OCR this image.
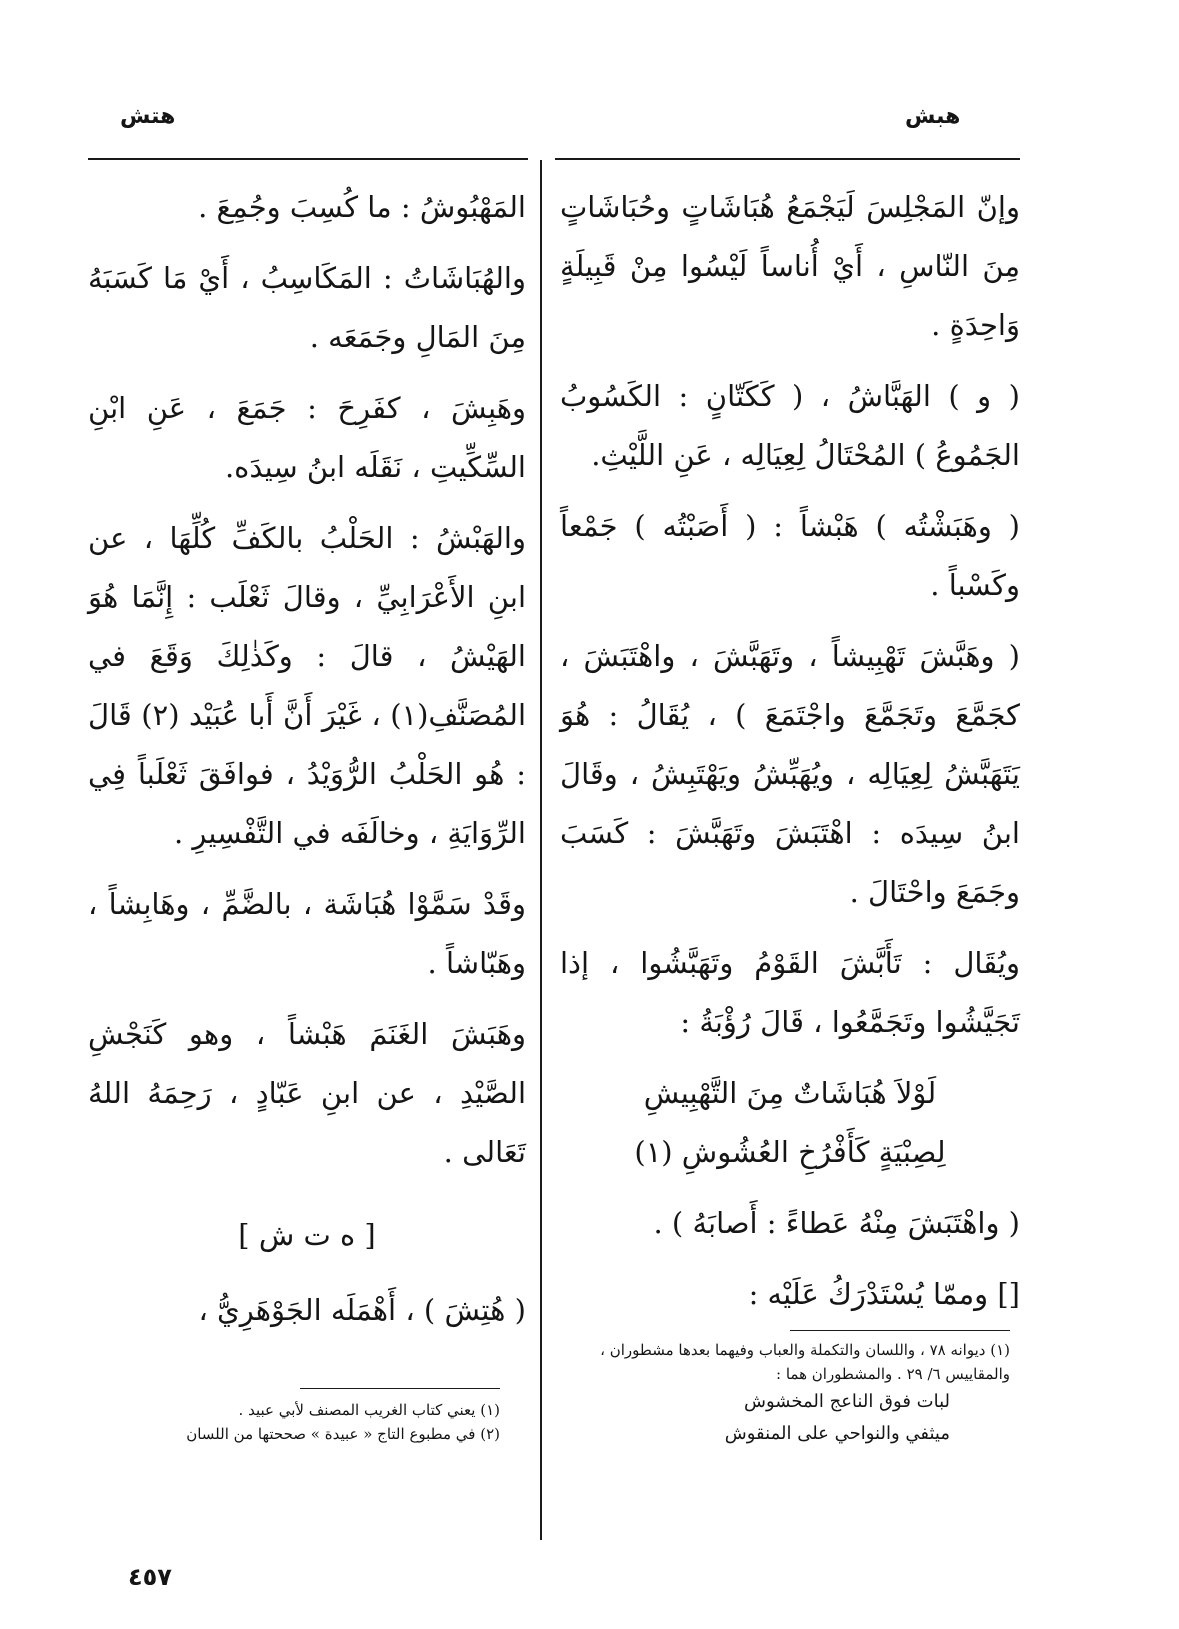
هبش
هتش

وإنّ المَجْلِسَ لَيَجْمَعُ هُبَاشَاتٍ وحُبَاشَاتٍ مِنَ النّاسِ ، أَيْ أُناساً لَيْسُوا مِنْ قَبِيلَةٍ وَاحِدَةٍ .

( و ) الهَبَّاشُ ، ( كَكَتّانٍ : الكَسُوبُ الجَمُوعُ ) المُحْتَالُ لِعِيَالِه ، عَنِ اللَّيْثِ.

( وهَبَشْتُه ) هَبْشاً : ( أَصَبْتُه ) جَمْعاً وكَسْباً .

( وهَبَّشَ تَهْبِيشاً ، وتَهَبَّشَ ، واهْتَبَشَ ، كجَمَّعَ وتَجَمَّعَ واجْتَمَعَ ) ، يُقَالُ : هُوَ يَتَهَبَّشُ لِعِيَالِه ، ويُهَبِّشُ ويَهْتَبِشُ ، وقَالَ ابنُ سِيدَه : اهْتَبَشَ وتَهَبَّشَ : كَسَبَ وجَمَعَ واحْتَالَ .

ويُقَال : تَأَبَّشَ القَوْمُ وتَهَبَّشُوا ، إذا تَجَيَّشُوا وتَجَمَّعُوا ، قَالَ رُؤْبَةُ :

لَوْلاَ هُبَاشَاتٌ مِنَ التَّهْبِيشِ
لِصِبْيَةٍ كَأَفْرُخِ العُشُوشِ (١)

( واهْتَبَشَ مِنْهُ عَطاءً : أَصابَهُ ) .

[] وممّا يُسْتَدْرَكُ عَلَيْه :

المَهْبُوشُ : ما كُسِبَ وجُمِعَ .

والهُبَاشَاتُ : المَكَاسِبُ ، أَيْ مَا كَسَبَهُ مِنَ المَالِ وجَمَعَه .

وهَبِشَ ، كفَرِحَ : جَمَعَ ، عَنِ ابْنِ السِّكِّيتِ ، نَقَلَه ابنُ سِيدَه.

والهَبْشُ : الحَلْبُ بالكَفِّ كُلِّهَا ، عن ابنِ الأَعْرَابِيِّ ، وقالَ ثَعْلَب : إِنَّمَا هُوَ الهَيْشُ ، قالَ : وكَذٰلِكَ وَقَعَ في المُصَنَّفِ(١) ، غَيْرَ أَنَّ أَبا عُبَيْد (٢) قَالَ : هُو الحَلْبُ الرُّوَيْدُ ، فوافَقَ ثَعْلَباً فِي الرِّوَايَةِ ، وخالَفَه في التَّفْسِيرِ .

وقَدْ سَمَّوْا هُبَاشَة ، بالضَّمِّ ، وهَابِشاً ، وهَبّاشاً .

وهَبَشَ الغَنَمَ هَبْشاً ، وهو كَنَجْشِ الصَّيْدِ ، عن ابنِ عَبّادٍ ، رَحِمَهُ اللهُ تَعَالى .

[ ه ت ش ]

( هُتِشَ ) ، أَهْمَلَه الجَوْهَرِيُّ ،

(١) ديوانه ٧٨ ، واللسان والتكملة والعباب وفيهما بعدها مشطوران ، والمقاييس ٦/ ٢٩ . والمشطوران هما :

لبات فوق الناعج المخشوش

ميثفي والنواحي على المنقوش

(١) يعني كتاب الغريب المصنف لأبي عبيد .

(٢) في مطبوع التاج « عبيدة » صححتها من اللسان

٤٥٧
